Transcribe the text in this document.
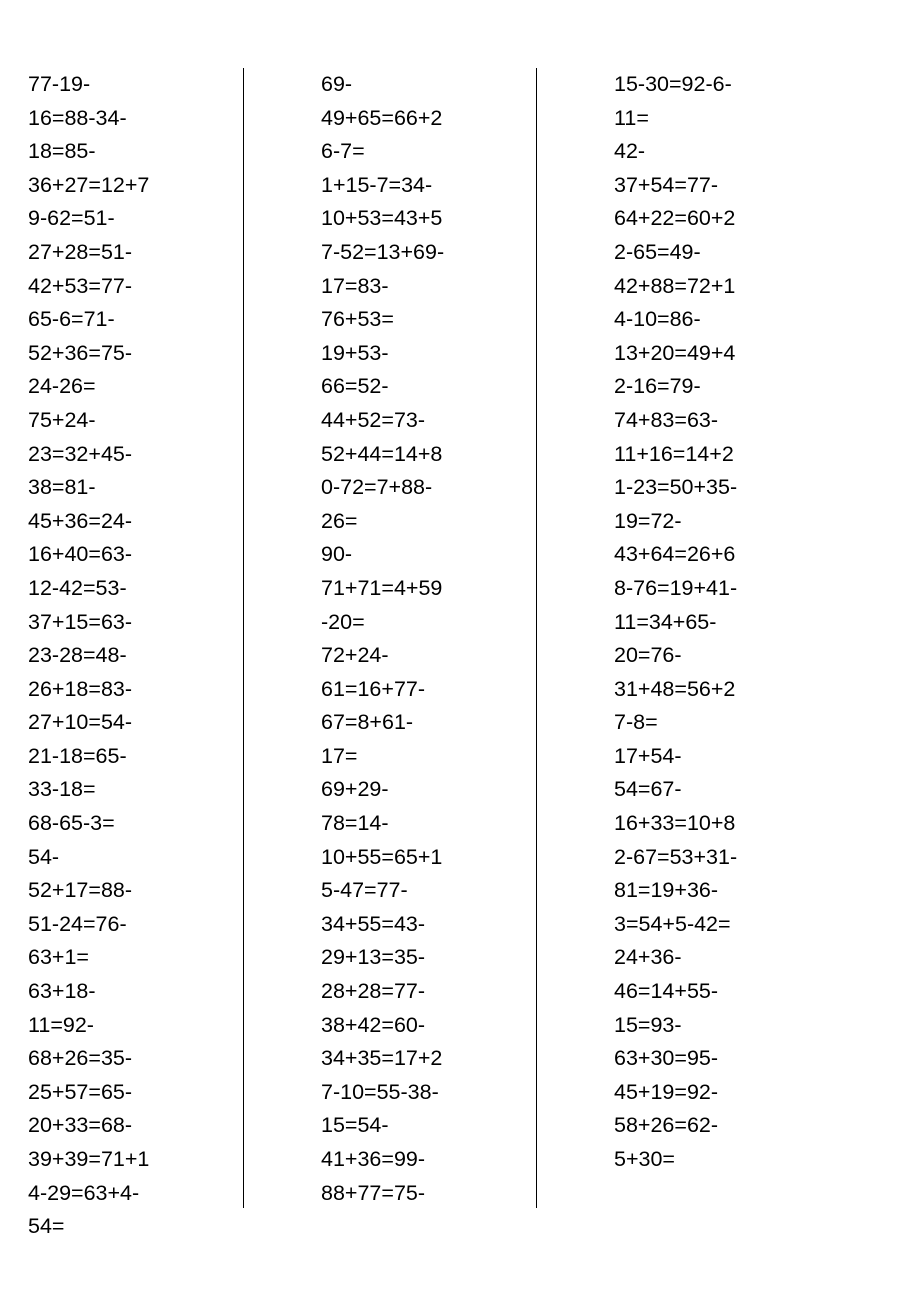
77-19-
16=88-34-
18=85-
36+27=12+7
9-62=51-
27+28=51-
42+53=77-
65-6=71-
52+36=75-
24-26=
75+24-
23=32+45-
38=81-
45+36=24-
16+40=63-
12-42=53-
37+15=63-
23-28=48-
26+18=83-
27+10=54-
21-18=65-
33-18=
68-65-3=
54-
52+17=88-
51-24=76-
63+1=
63+18-
11=92-
68+26=35-
25+57=65-
20+33=68-
39+39=71+1
4-29=63+4-
54=
69-
49+65=66+2
6-7=
1+15-7=34-
10+53=43+5
7-52=13+69-
17=83-
76+53=
19+53-
66=52-
44+52=73-
52+44=14+8
0-72=7+88-
26=
90-
71+71=4+59
-20=
72+24-
61=16+77-
67=8+61-
17=
69+29-
78=14-
10+55=65+1
5-47=77-
34+55=43-
29+13=35-
28+28=77-
38+42=60-
34+35=17+2
7-10=55-38-
15=54-
41+36=99-
88+77=75-
15-30=92-6-
11=
42-
37+54=77-
64+22=60+2
2-65=49-
42+88=72+1
4-10=86-
13+20=49+4
2-16=79-
74+83=63-
11+16=14+2
1-23=50+35-
19=72-
43+64=26+6
8-76=19+41-
11=34+65-
20=76-
31+48=56+2
7-8=
17+54-
54=67-
16+33=10+8
2-67=53+31-
81=19+36-
3=54+5-42=
24+36-
46=14+55-
15=93-
63+30=95-
45+19=92-
58+26=62-
5+30=
